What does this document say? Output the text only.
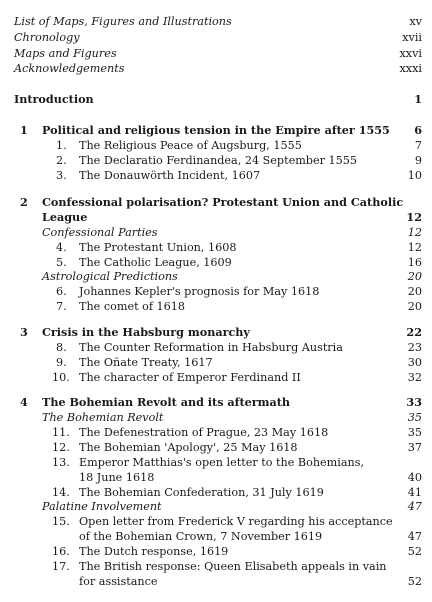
List of Maps, Figures and Illustrations	xv
Chronology	xvii
Maps and Figures	xxvi
Acknowledgements	xxxi
Introduction	1
1 Political and religious tension in the Empire after 1555 6
1. The Religious Peace of Augsburg, 1555	7
2. The Declaratio Ferdinandea, 24 September 1555	9
3. The Donauwörth Incident, 1607	10
2 Confessional polarisation? Protestant Union and Catholic
League	12
Confessional Parties	12
4. The Protestant Union, 1608	12
5. The Catholic League, 1609	16
Astrological Predictions	20
6. Johannes Kepler's prognosis for May 1618	20
7. The comet of 1618	20
3 Crisis in the Habsburg monarchy	22
8. The Counter Reformation in Habsburg Austria	23
9. The Oñate Treaty, 1617	30
10. The character of Emperor Ferdinand II	32
4 The Bohemian Revolt and its aftermath	33
The Bohemian Revolt	35
11. The Defenestration of Prague, 23 May 1618	35
12. The Bohemian 'Apology', 25 May 1618	37
13. Emperor Matthias's open letter to the Bohemians,
18 June 1618	40
14. The Bohemian Confederation, 31 July 1619	41
Palatine Involvement	47
15. Open letter from Frederick V regarding his acceptance
of the Bohemian Crown, 7 November 1619	47
16. The Dutch response, 1619	52
17. The British response: Queen Elisabeth appeals in vain
for assistance	52
